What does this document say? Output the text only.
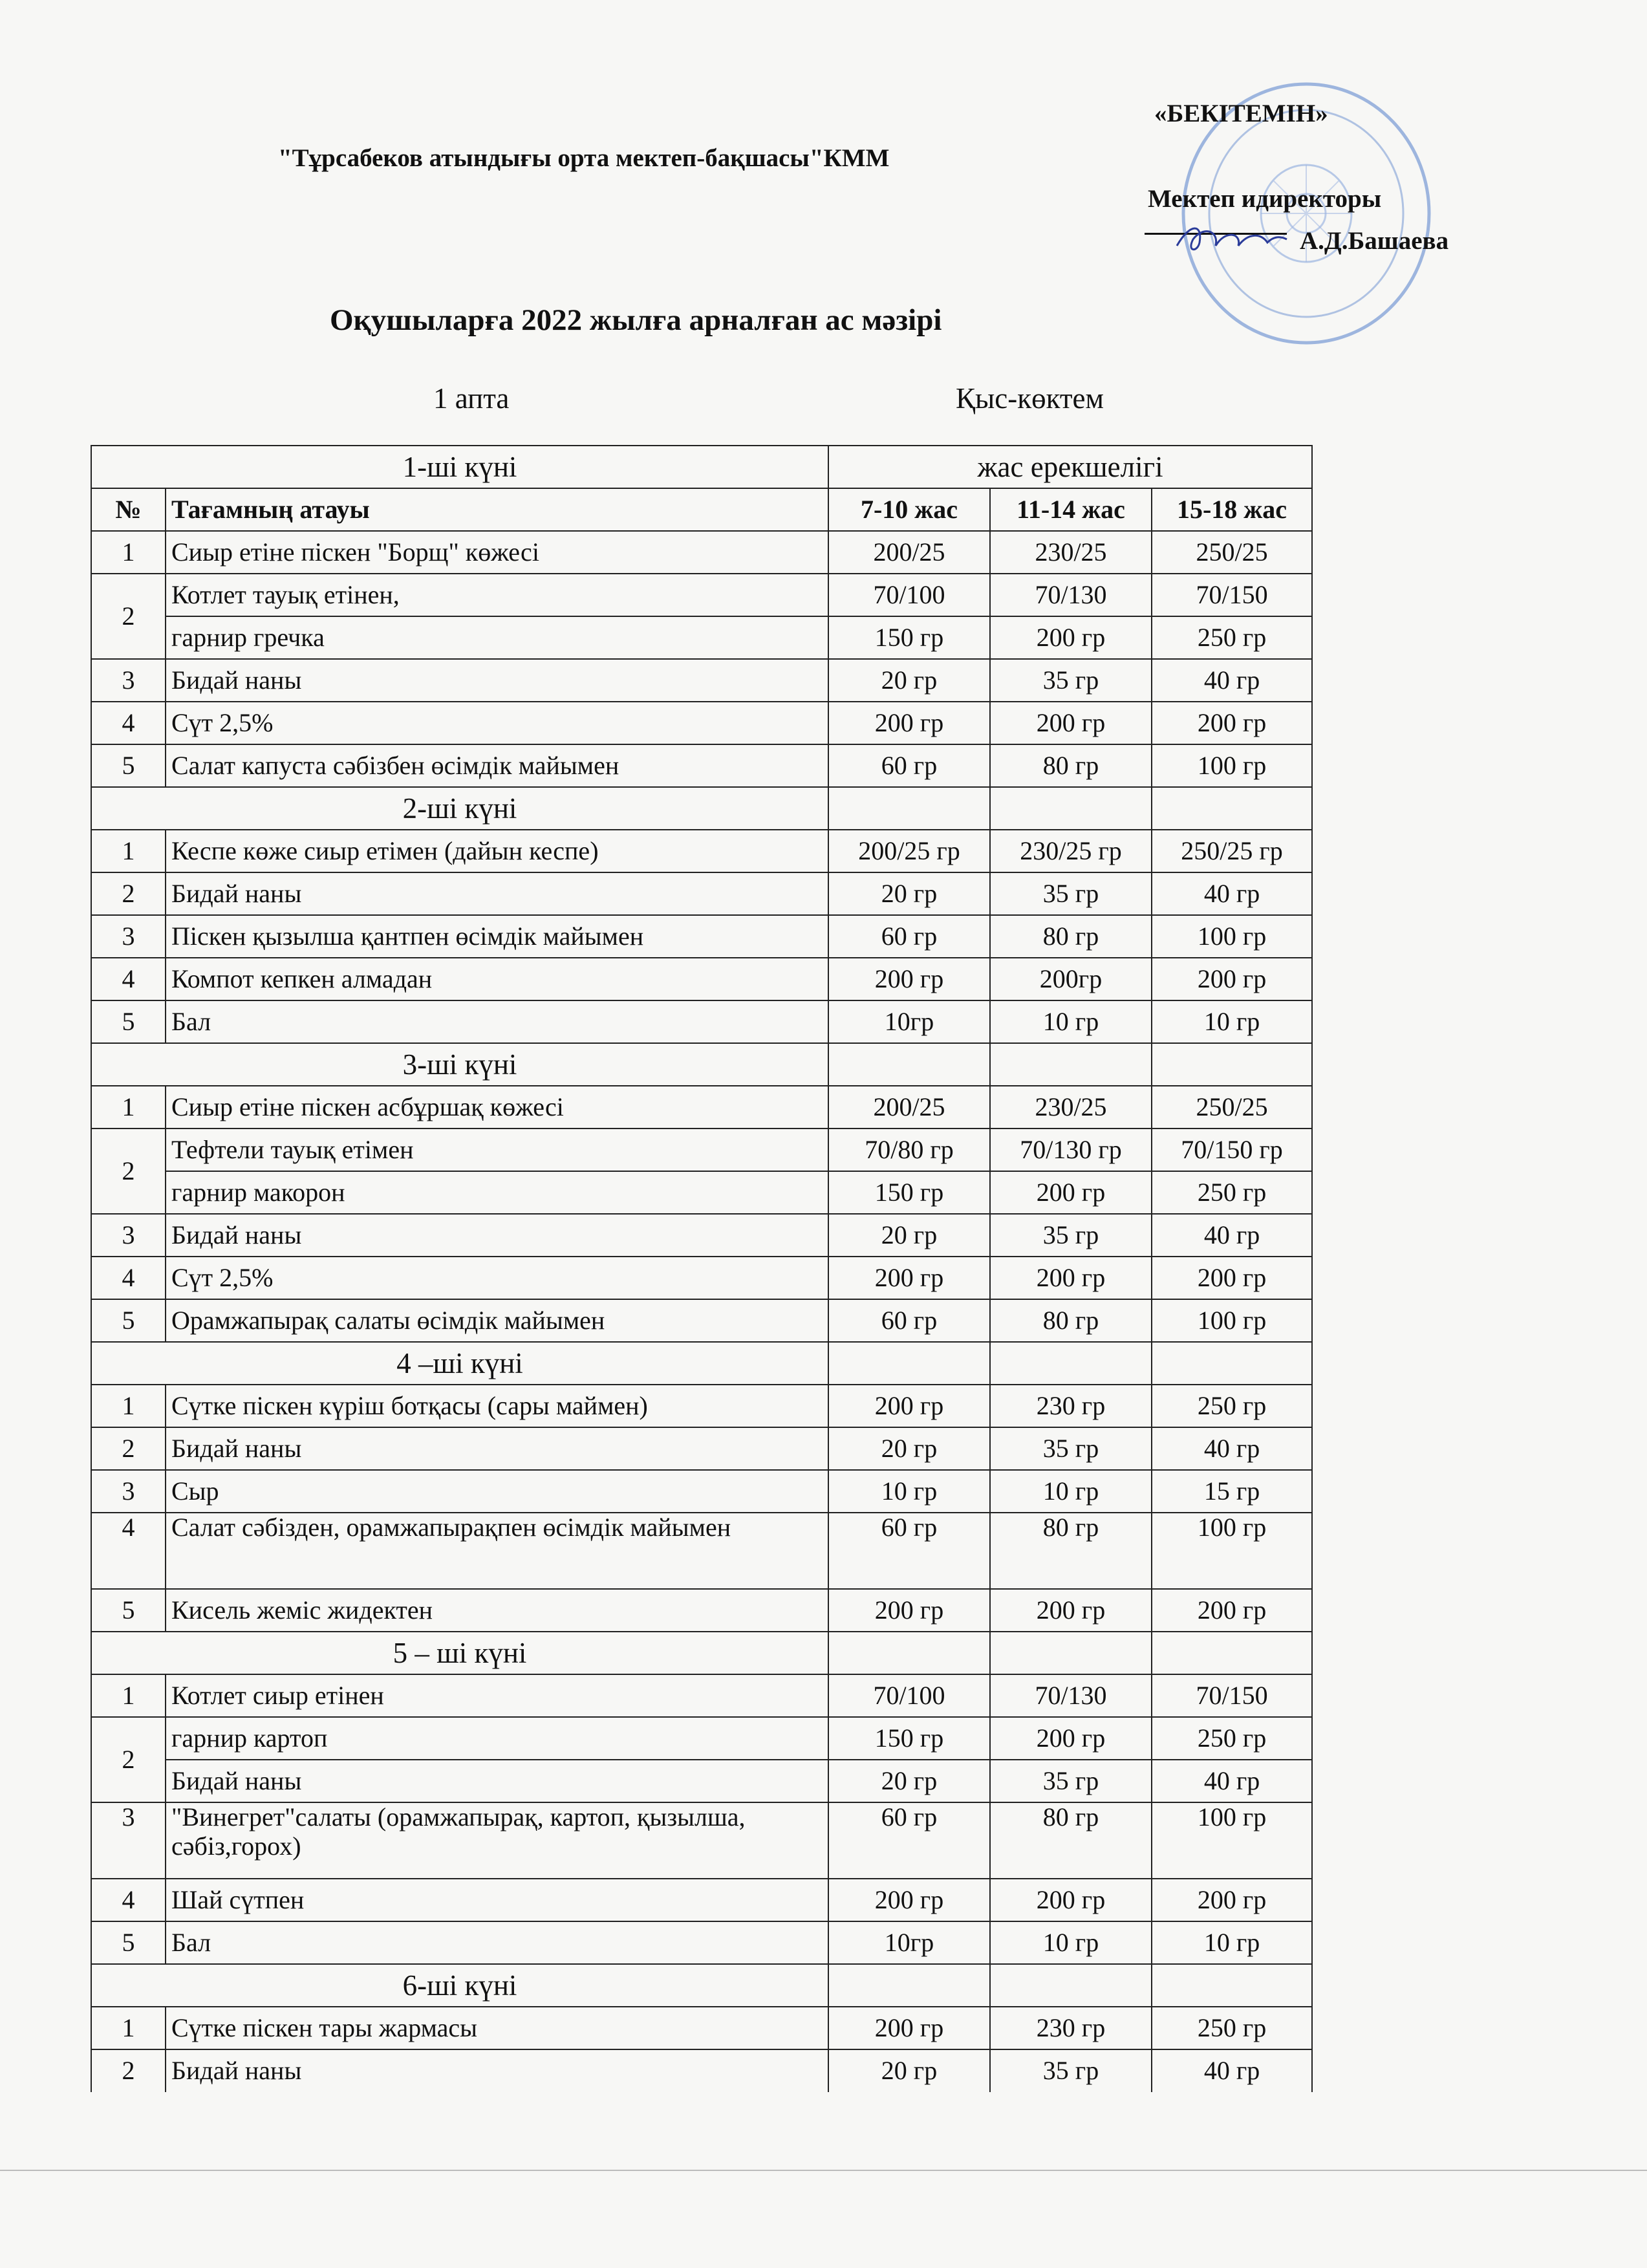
"Тұрсабеков атындығы орта мектеп-бақшасы"КММ
«БЕКІТЕМІН»
Мектеп идиректоры
А.Д.Башаева
Оқушыларға 2022 жылға арналған ас мәзірі
1 апта	Қыс-көктем
1-ші күні		жас ерекшелігі		
№	Тағамның атауы	7-10 жас	11-14 жас	15-18 жас
1	Сиыр етіне піскен "Борщ" көжесі	200/25	230/25	250/25
2	Котлет тауық етінен,	70/100	70/130	70/150
	гарнир гречка	150 гр	200 гр	250 гр
3	Бидай наны	20 гр	35 гр	40 гр
4	Сүт 2,5%	200 гр	200 гр	200 гр
5	Салат капуста сәбізбен өсімдік майымен	60 гр	80 гр	100 гр
2-ші күні				
1	Кеспе көже сиыр етімен (дайын кеспе)	200/25 гр	230/25 гр	250/25 гр
2	Бидай наны	20 гр	35 гр	40 гр
3	Піскен қызылша қантпен өсімдік майымен	60 гр	80 гр	100 гр
4	Компот кепкен алмадан	200 гр	200гр	200 гр
5	Бал	10гр	10 гр	10 гр
3-ші күні				
1	Сиыр етіне піскен асбұршақ көжесі	200/25	230/25	250/25
2	Тефтели тауық етімен	70/80 гр	70/130 гр	70/150 гр
	гарнир макорон	150 гр	200 гр	250 гр
3	Бидай наны	20 гр	35 гр	40 гр
4	Сүт 2,5%	200 гр	200 гр	200 гр
5	Орамжапырақ салаты өсімдік майымен	60 гр	80 гр	100 гр
4 –ші күні				
1	Сүтке піскен күріш ботқасы (сары маймен)	200 гр	230 гр	250 гр
2	Бидай наны	20 гр	35 гр	40 гр
3	Сыр	10 гр	10 гр	15 гр
4	Салат сәбізден, орамжапырақпен өсімдік майымен	60 гр	80 гр	100 гр
5	Кисель жеміс жидектен	200 гр	200 гр	200 гр
5 – ші күні				
1	Котлет сиыр етінен	70/100	70/130	70/150
2	гарнир картоп	150 гр	200 гр	250 гр
	Бидай наны	20 гр	35 гр	40 гр
3	"Винегрет"салаты (орамжапырақ, картоп, қызылша, сәбіз,горох)	60 гр	80 гр	100 гр
4	Шай сүтпен	200 гр	200 гр	200 гр
5	Бал	10гр	10 гр	10 гр
6-ші күні				
1	Сүтке піскен тары жармасы	200 гр	230 гр	250 гр
2	Бидай наны	20 гр	35 гр	40 гр
